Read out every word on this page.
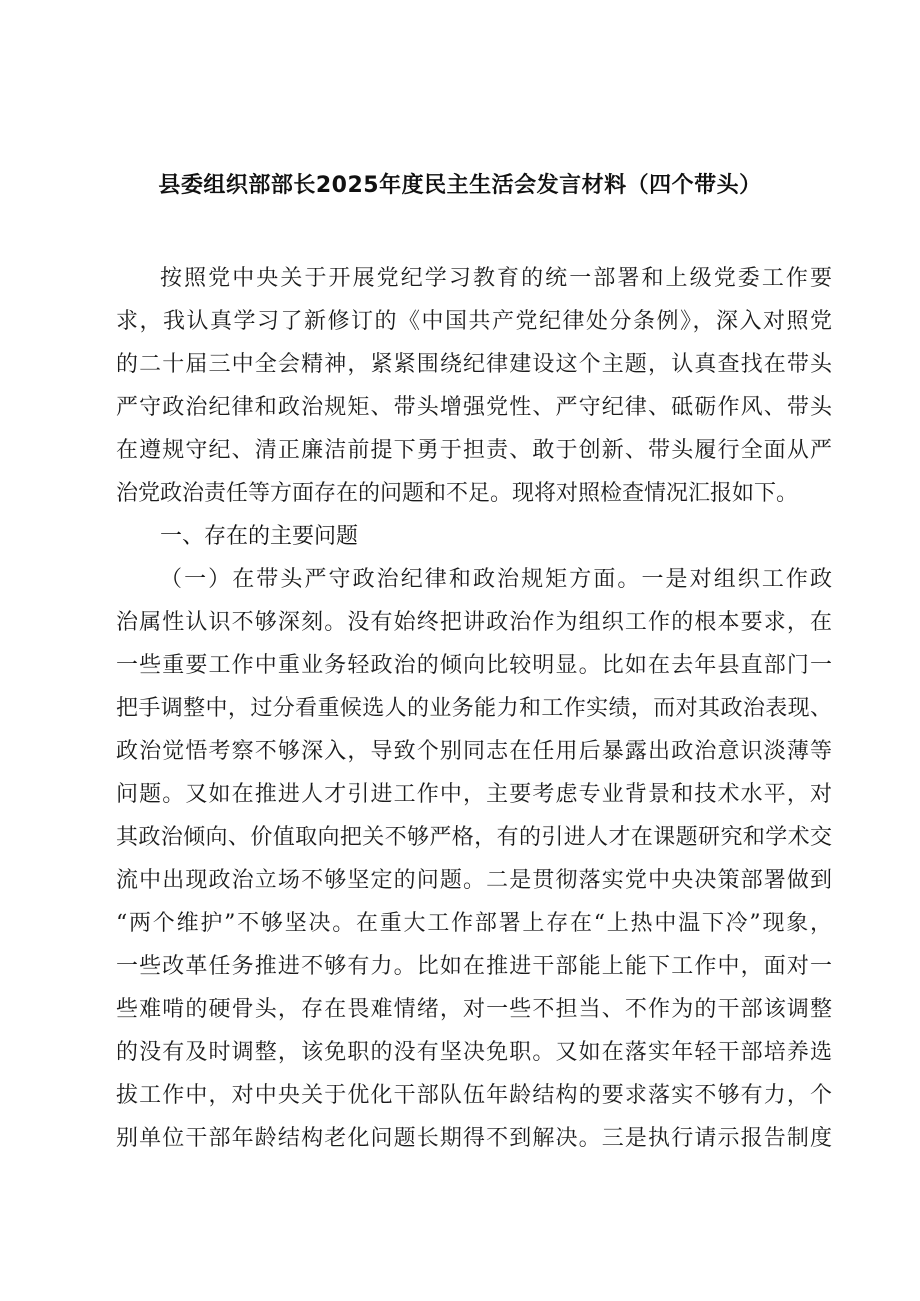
县委组织部部长2025年度民主生活会发言材料（四个带头）
按照党中央关于开展党纪学习教育的统一部署和上级党委工作要
求，我认真学习了新修订的《中国共产党纪律处分条例》，深入对照党
的二十届三中全会精神，紧紧围绕纪律建设这个主题，认真查找在带头
严守政治纪律和政治规矩、带头增强党性、严守纪律、砥砺作风、带头
在遵规守纪、清正廉洁前提下勇于担责、敢于创新、带头履行全面从严
治党政治责任等方面存在的问题和不足。现将对照检查情况汇报如下。
一、存在的主要问题
（一）在带头严守政治纪律和政治规矩方面。一是对组织工作政
治属性认识不够深刻。没有始终把讲政治作为组织工作的根本要求，在
一些重要工作中重业务轻政治的倾向比较明显。比如在去年县直部门一
把手调整中，过分看重候选人的业务能力和工作实绩，而对其政治表现、
政治觉悟考察不够深入，导致个别同志在任用后暴露出政治意识淡薄等
问题。又如在推进人才引进工作中，主要考虑专业背景和技术水平，对
其政治倾向、价值取向把关不够严格，有的引进人才在课题研究和学术交
流中出现政治立场不够坚定的问题。二是贯彻落实党中央决策部署做到
“两个维护”不够坚决。在重大工作部署上存在“上热中温下冷”现象，
一些改革任务推进不够有力。比如在推进干部能上能下工作中，面对一
些难啃的硬骨头，存在畏难情绪，对一些不担当、不作为的干部该调整
的没有及时调整，该免职的没有坚决免职。又如在落实年轻干部培养选
拔工作中，对中央关于优化干部队伍年龄结构的要求落实不够有力，个
别单位干部年龄结构老化问题长期得不到解决。三是执行请示报告制度
